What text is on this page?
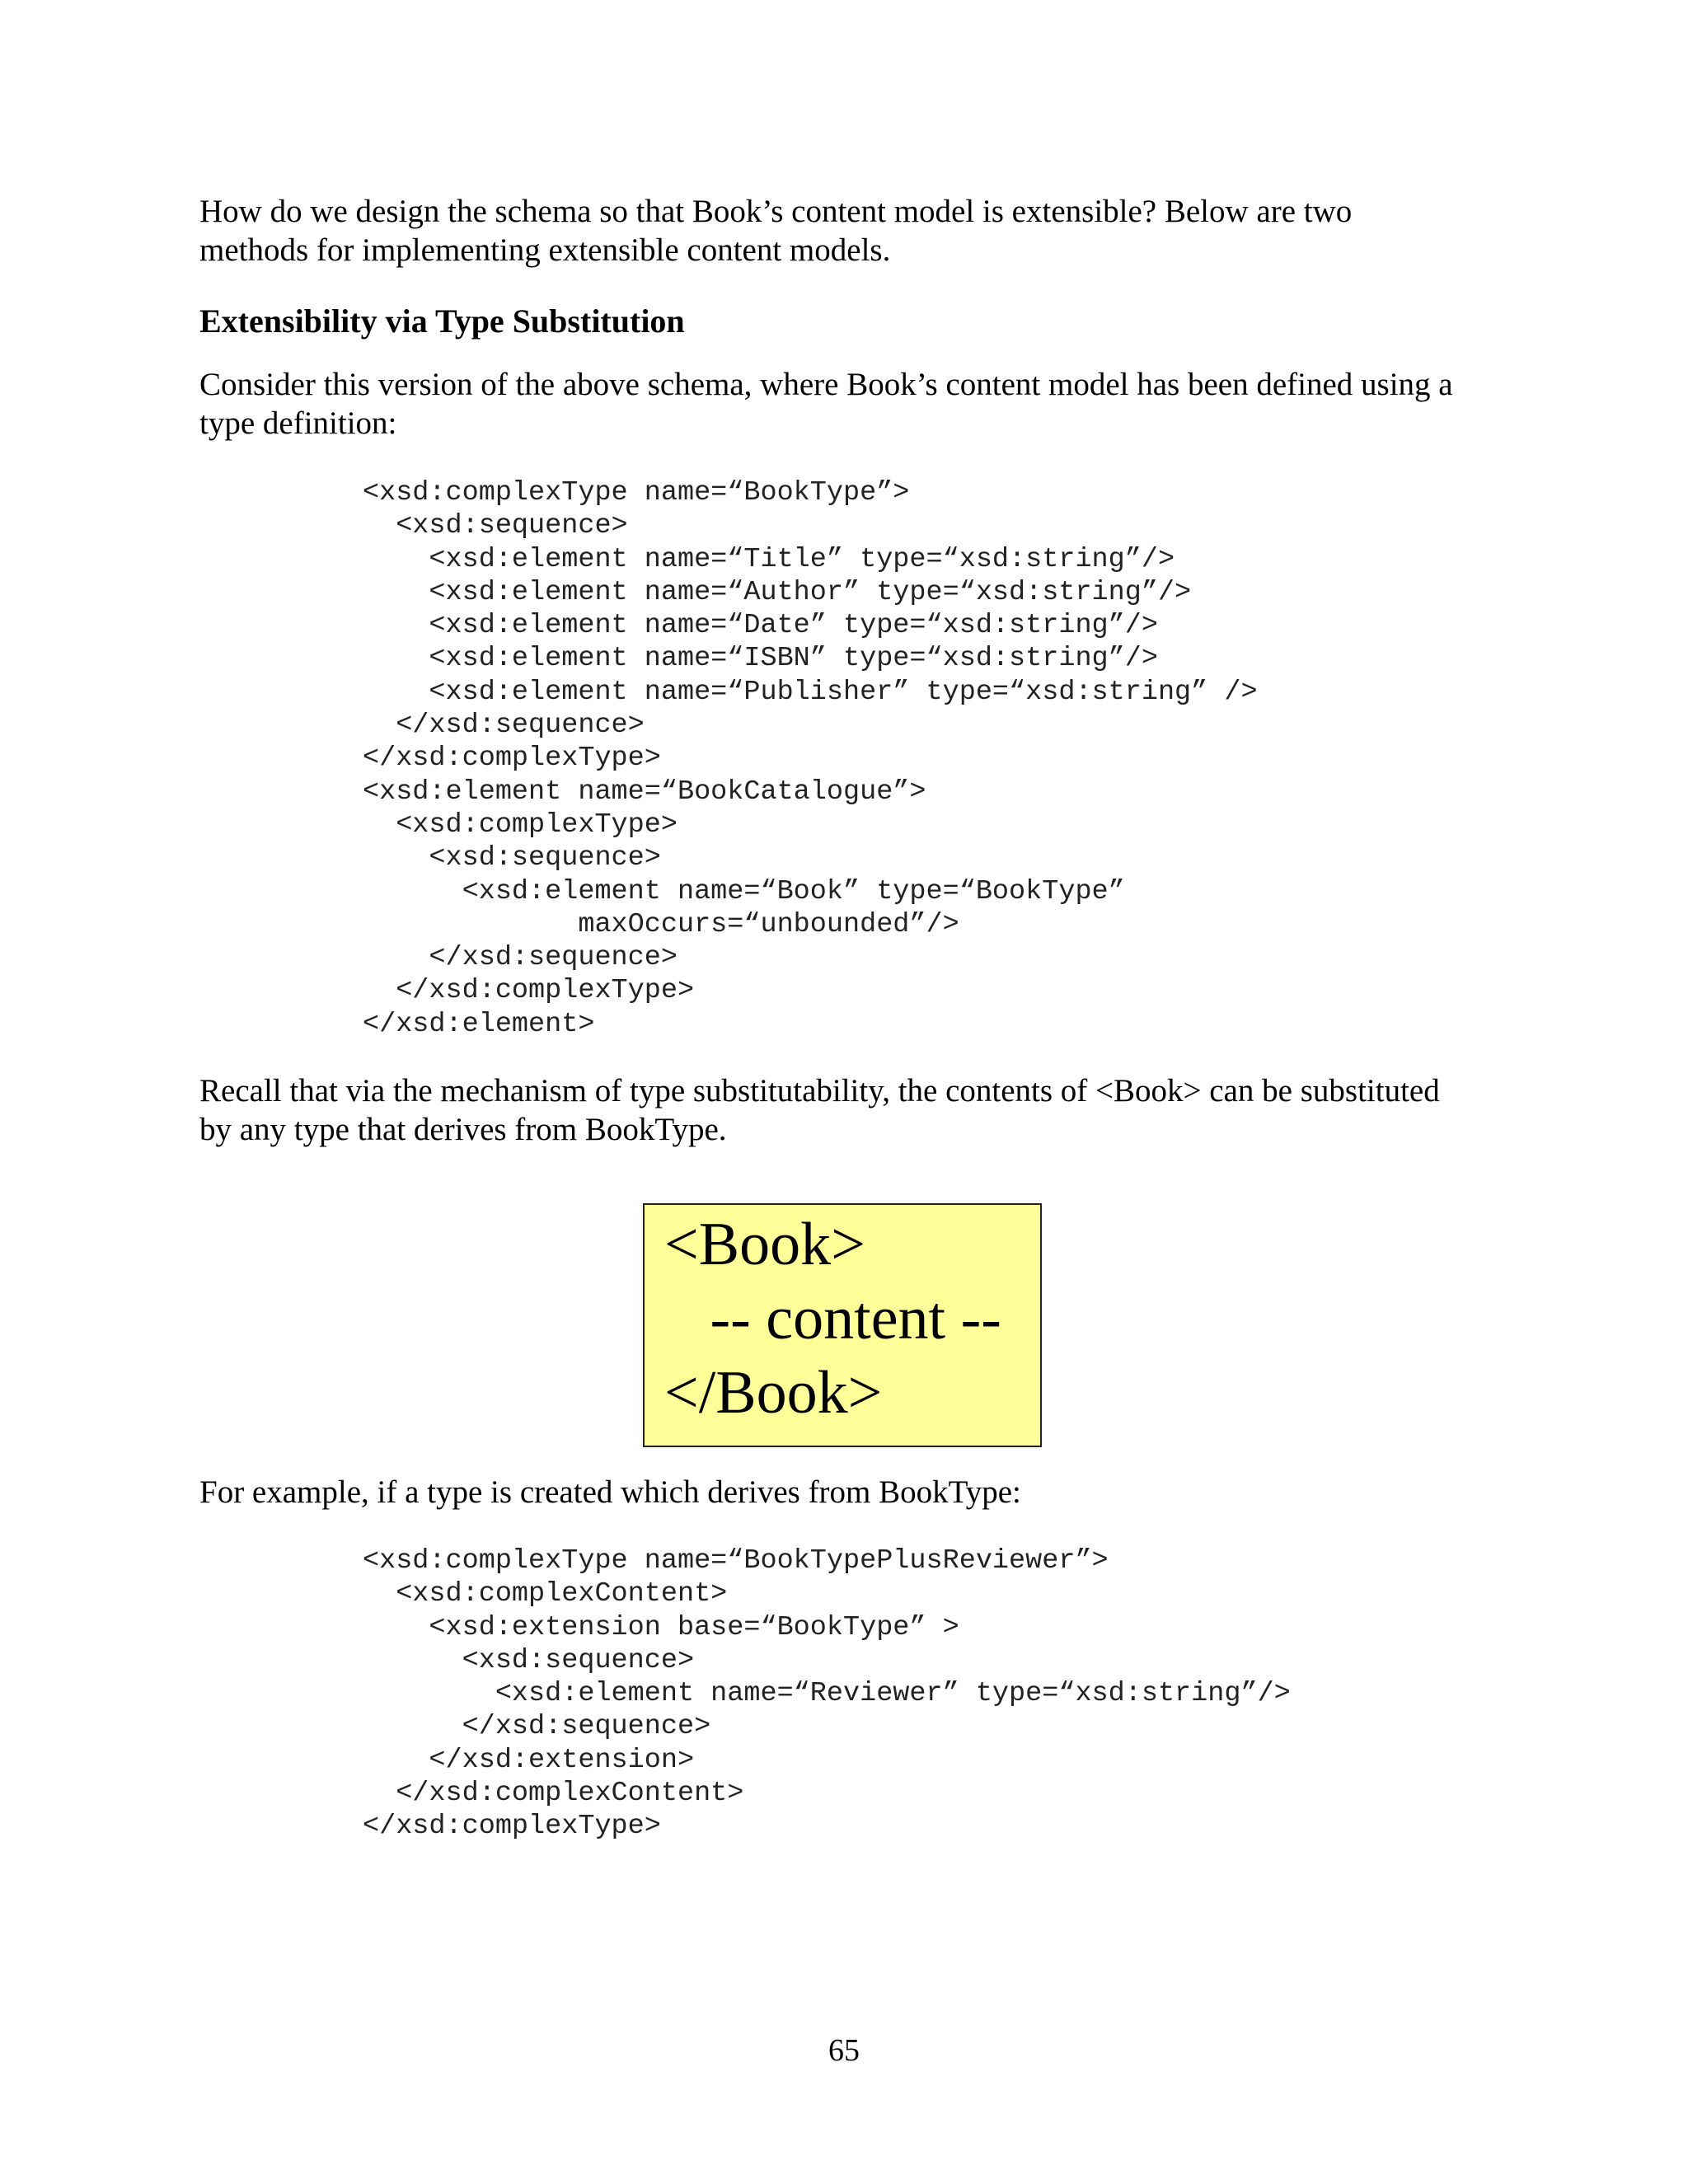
How do we design the schema so that Book’s content model is extensible? Below are two
methods for implementing extensible content models.

Extensibility via Type Substitution

Consider this version of the above schema, where Book’s content model has been defined using a
type definition:

<xsd:complexType name=“BookType”>
<xsd:sequence>
<xsd:element name=“Title” type=“xsd:string”/>
<xsd:element name=“Author” type=“xsd:string”/>
<xsd:element name=“Date” type=“xsd:string”/>
<xsd:element name=“ISBN” type=“xsd:string”/>
<xsd:element name=“Publisher” type=“xsd:string” />
</xsd:sequence>
</xsd:complexType>
<xsd:element name=“BookCatalogue”>
<xsd:complexType>
<xsd:sequence>
<xsd:element name=“Book” type=“BookType”
maxOccurs=“unbounded”/>
</xsd:sequence>
</xsd:complexType>
</xsd:element>

Recall that via the mechanism of type substitutability, the contents of <Book> can be substituted
by any type that derives from BookType.

<Book>
-- content --
</Book>

For example, if a type is created which derives from BookType:

<xsd:complexType name=“BookTypePlusReviewer”>
<xsd:complexContent>
<xsd:extension base=“BookType” >
<xsd:sequence>
<xsd:element name=“Reviewer” type=“xsd:string”/>
</xsd:sequence>
</xsd:extension>
</xsd:complexContent>
</xsd:complexType>
65
